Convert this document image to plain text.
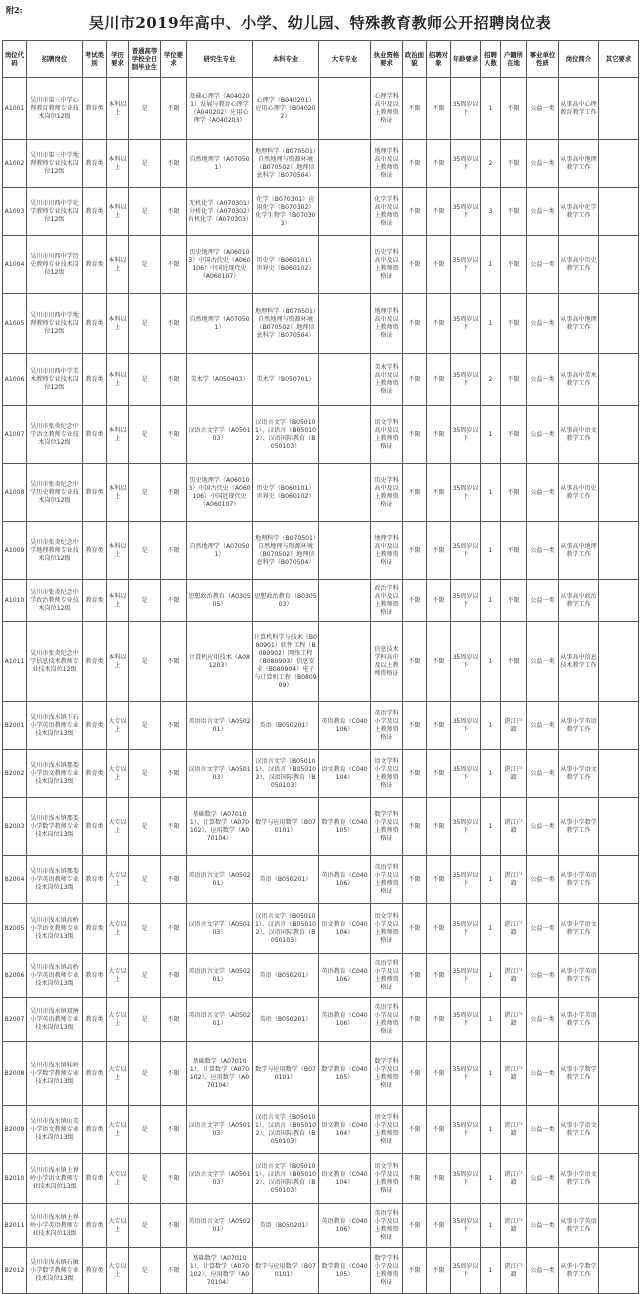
附2:
吴川市2019年高中、小学、幼儿园、特殊教育教师公开招聘岗位表
岗位代码	招聘岗位	考试类别	学历要求	普通高等学校全日制毕业生	学位要求	研究生专业	本科专业	大专专业	执业资格要求	政治面貌	招聘对象	年龄要求	招聘人数	户籍所在地	事业单位性质	岗位简介	其它要求
A1001	吴川市第三中学心理教育教师专业技术岗位12级	教育类	本科以上	是	不限	基础心理学（A040201）发展与教育心理学（A040202）应用心理学（A040203）	心理学（B040201）应用心理学（B040202）		心理学科高中及以上教师资格证	不限	不限	35周岁以下	1	不限	公益一类	从事高中心理教育教学工作	
A1002	吴川市第三中学地理教师专业技术岗位12级	教育类	本科以上	是	不限	自然地理学（A070501）	地理科学（B070501）自然地理与资源环境（B070502）地理信息科学（B070504）		地理学科高中及以上教师资格证	不限	不限	35周岁以下	2	不限	公益一类	从事高中地理教学工作	
A1003	吴川市川西中学化学教师专业技术岗位12级	教育类	本科以上	是	不限	无机化学（A070301）分析化学（A070302）有机化学（A070303）	化学（B070301）应用化学（B070302）化学生物学（B070303）		化学学科高中及以上教师资格证	不限	不限	35周岁以下	3	不限	公益一类	从事高中化学教学工作	
A1004	吴川市川西中学历史教师专业技术岗位12级	教育类	本科以上	是	不限	历史地理学（A060103）中国古代史（A060106）中国近现代史（A060107）	历史学（B060101）世界史（B060102）		历史学科高中及以上教师资格证	不限	不限	35周岁以下	1	不限	公益一类	从事高中历史教学工作	
A1005	吴川市川西中学地理教师专业技术岗位12级	教育类	本科以上	是	不限	自然地理学（A070501）	地理科学（B070501）自然地理与资源环境（B070502）地理信息科学（B070504）		地理学科高中及以上教师资格证	不限	不限	35周岁以下	1	不限	公益一类	从事高中地理教学工作	
A1006	吴川市川西中学美术教师专业技术岗位12级	教育类	本科以上	是	不限	美术学（A050403）	美术学（B050701）		美术学科高中及以上教师资格证	不限	不限	35周岁以下	2	不限	公益一类	从事高中美术教学工作	
A1007	吴川市张炎纪念中学语文教师专业技术岗位12级	教育类	本科以上	是	不限	汉语言文字学（A050103）	汉语言文学（B050101）、汉语言（B050102）、汉语国际教育（B050103）		语文学科高中及以上教师资格证	不限	不限	35周岁以下	1	不限	公益一类	从事高中语文教学工作	
A1008	吴川市张炎纪念中学历史教师专业技术岗位12级	教育类	本科以上	是	不限	历史地理学（A060103）中国古代史（A060106）中国近现代史（A060107）	历史学（B060101）世界史（B060102）		历史学科高中及以上教师资格证	不限	不限	35周岁以下	1	不限	公益一类	从事高中历史教学工作	
A1009	吴川市张炎纪念中学地理教师专业技术岗位12级	教育类	本科以上	是	不限	自然地理学（A070501）	地理科学（B070501）自然地理与资源环境（B070502）地理信息科学（B070504）		地理学科高中及以上教师资格证	不限	不限	35周岁以下	1	不限	公益一类	从事高中地理教学工作	
A1010	吴川市张炎纪念中学政治教师专业技术岗位12级	教育类	本科以上	是	不限	思想政治教育（A030505）	思想政治教育（B030503）		政治学科高中及以上教师资格证	不限	不限	35周岁以下	1	不限	公益一类	从事高中政治教学工作	
A1011	吴川市张炎纪念中学信息技术教师专业技术岗位12级	教育类	本科以上	是	不限	计算机应用技术（A081203）	计算机科学与技术（B080901）软件工程（B080902）网络工程（B080903）信息安全（B080904）电子与计算机工程（B080909）		信息技术学科高中及以上教师资格证	不限	不限	35周岁以下	1	不限	公益一类	从事高中信息技术教学工作	
B2001	吴川市浅水镇下石小学英语教师专业技术岗位13级	教育类	大专以上	是	不限	英语语言文学（A050201）	英语（B050201）	英语教育（C040106）	英语学科小学及以上教师资格证	不限	不限	35周岁以下	1	湛江户籍	公益一类	从事小学英语教学工作	
B2002	吴川市浅水镇那娄小学语文教师专业技术岗位13级	教育类	大专以上	是	不限	汉语言文字学（A050103）	汉语言文学（B050101）、汉语言（B050102）、汉语国际教育（B050103）	语文教育（C040104）	语文学科小学及以上教师资格证	不限	不限	35周岁以下	1	湛江户籍	公益一类	从事小学语文教学工作	
B2003	吴川市浅水镇那娄小学数学教师专业技术岗位13级	教育类	大专以上	是	不限	基础数学（A070101）、计算数学（A070102）、应用数学（A070104）	数学与应用数学（B070101）	数学教育（C040105）	数学学科小学及以上教师资格证	不限	不限	35周岁以下	1	湛江户籍	公益一类	从事小学数学教学工作	
B2004	吴川市浅水镇那娄小学英语教师专业技术岗位13级	教育类	大专以上	是	不限	英语语言文学（A050201）	英语（B050201）	英语教育（C040106）	英语学科小学及以上教师资格证	不限	不限	35周岁以下	1	湛江户籍	公益一类	从事小学英语教学工作	
B2005	吴川市浅水镇高桥小学语文教师专业技术岗位13级	教育类	大专以上	是	不限	汉语言文字学（A050103）	汉语言文学（B050101）、汉语言（B050102）、汉语国际教育（B050103）	语文教育（C040104）	语文学科小学及以上教师资格证	不限	不限	35周岁以下	1	湛江户籍	公益一类	从事小学语文教学工作	
B2006	吴川市浅水镇高桥小学英语教师专业技术岗位13级	教育类	大专以上	是	不限	英语语言文学（A050201）	英语（B050201）	英语教育（C040106）	英语学科小学及以上教师资格证	不限	不限	35周岁以下	1	湛江户籍	公益一类	从事小学英语教学工作	
B2007	吴川市浅水镇双塘小学英语教师专业技术岗位13级	教育类	大专以上	是	不限	英语语言文学（A050201）	英语（B050201）	英语教育（C040106）	英语学科小学及以上教师资格证	不限	不限	35周岁以下	1	湛江户籍	公益一类	从事小学英语教学工作	
B2008	吴川市浅水镇桂岭小学数学教师专业技术岗位13级	教育类	大专以上	是	不限	基础数学（A070101）、计算数学（A070102）、应用数学（A070104）	数学与应用数学（B070101）	数学教育（C040105）	数学学科小学及以上教师资格证	不限	不限	35周岁以下	1	湛江户籍	公益一类	从事小学数学教学工作	
B2009	吴川市浅水镇山美小学语文教师专业技术岗位13级	教育类	大专以上	是	不限	汉语言文字学（A050103）	汉语言文学（B050101）、汉语言（B050102）、汉语国际教育（B050103）	语文教育（C040104）	语文学科小学及以上教师资格证	不限	不限	35周岁以下	1	湛江户籍	公益一类	从事小学语文教学工作	
B2010	吴川市浅水镇上界岭小学语文教师专业技术岗位13级	教育类	大专以上	是	不限	汉语言文字学（A050103）	汉语言文学（B050101）、汉语言（B050102）、汉语国际教育（B050103）	语文教育（C040104）	语文学科小学及以上教师资格证	不限	不限	35周岁以下	1	湛江户籍	公益一类	从事小学语文教学工作	
B2011	吴川市浅水镇上界岭小学英语教师专业技术岗位13级	教育类	大专以上	是	不限	英语语言文学（A050201）	英语（B050201）	英语教育（C040106）	英语学科小学及以上教师资格证	不限	不限	35周岁以下	1	湛江户籍	公益一类	从事小学英语教学工作	
B2012	吴川市浅水镇石敏小学数学教师专业技术岗位13级	教育类	大专以上	是	不限	基础数学（A070101）、计算数学（A070102）、应用数学（A070104）	数学与应用数学（B070101）	数学教育（C040105）	数学学科小学及以上教师资格证	不限	不限	35周岁以下	1	湛江户籍	公益一类	从事小学数学教学工作	
